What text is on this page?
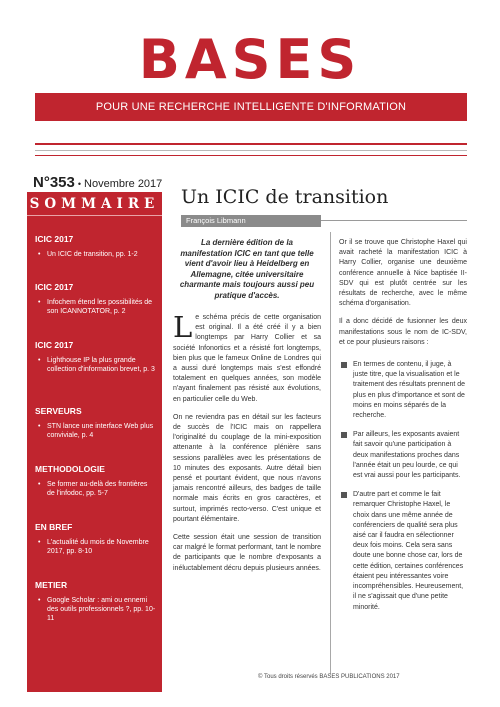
BASES
POUR UNE RECHERCHE INTELLIGENTE D'INFORMATION
N°353 • Novembre 2017
SOMMAIRE
ICIC 2017
• Un ICIC de transition, pp. 1-2
ICIC 2017
• Infochem étend les possibilités de son ICANNOTATOR, p. 2
ICIC 2017
• Lighthouse IP la plus grande collection d'information brevet, p. 3
SERVEURS
• STN lance une interface Web plus conviviale, p. 4
METHODOLOGIE
• Se former au-delà des frontières de l'infodoc, pp. 5-7
EN BREF
• L'actualité du mois de Novembre 2017, pp. 8-10
METIER
• Google Scholar : ami ou ennemi des outils professionnels ?, pp. 10-11
Un ICIC de transition
François Libmann

La dernière édition de la manifestation ICIC en tant que telle vient d'avoir lieu à Heidelberg en Allemagne, citée universitaire charmante mais toujours aussi peu pratique d'accès.

Le schéma précis de cette organisation est original. Il a été créé il y a bien longtemps par Harry Collier et sa société Infonortics et a résisté fort longtemps, bien plus que le fameux Online de Londres qui a aussi duré longtemps mais s'est effondré totalement en quelques années, son modèle n'ayant finalement pas résisté aux évolutions, en particulier celle du Web.

On ne reviendra pas en détail sur les facteurs de succès de l'ICIC mais on rappellera l'originalité du couplage de la mini-exposition attenante à la conférence plénière sans sessions parallèles avec les présentations de 10 minutes des exposants. Autre détail bien pensé et pourtant évident, que nous n'avons jamais rencontré ailleurs, des badges de taille normale mais écrits en gros caractères, et surtout, imprimés recto-verso. C'est unique et pourtant élémentaire.

Cette session était une session de transition car malgré le format performant, tant le nombre de participants que le nombre d'exposants a inéluctablement décru depuis plusieurs années.

Or il se trouve que Christophe Haxel qui avait racheté la manifestation ICIC à Harry Collier, organise une deuxième conférence annuelle à Nice baptisée II-SDV qui est plutôt centrée sur les résultats de recherche, avec le même schéma d'organisation.

Il a donc décidé de fusionner les deux manifestations sous le nom de IC-SDV, et ce pour plusieurs raisons :

En termes de contenu, il juge, à juste titre, que la visualisation et le traitement des résultats prennent de plus en plus d'importance et sont de moins en moins séparés de la recherche.
Par ailleurs, les exposants avaient fait savoir qu'une participation à deux manifestations proches dans l'année était un peu lourde, ce qui est vrai aussi pour les participants.
D'autre part et comme le fait remarquer Christophe Haxel, le choix dans une même année de conférenciers de qualité sera plus aisé car il faudra en sélectionner deux fois moins. Cela sera sans doute une bonne chose car, lors de cette édition, certaines conférences étaient peu intéressantes voire incompréhensibles. Heureusement, il ne s'agissait que d'une petite minorité.
© Tous droits réservés BASES PUBLICATIONS 2017
